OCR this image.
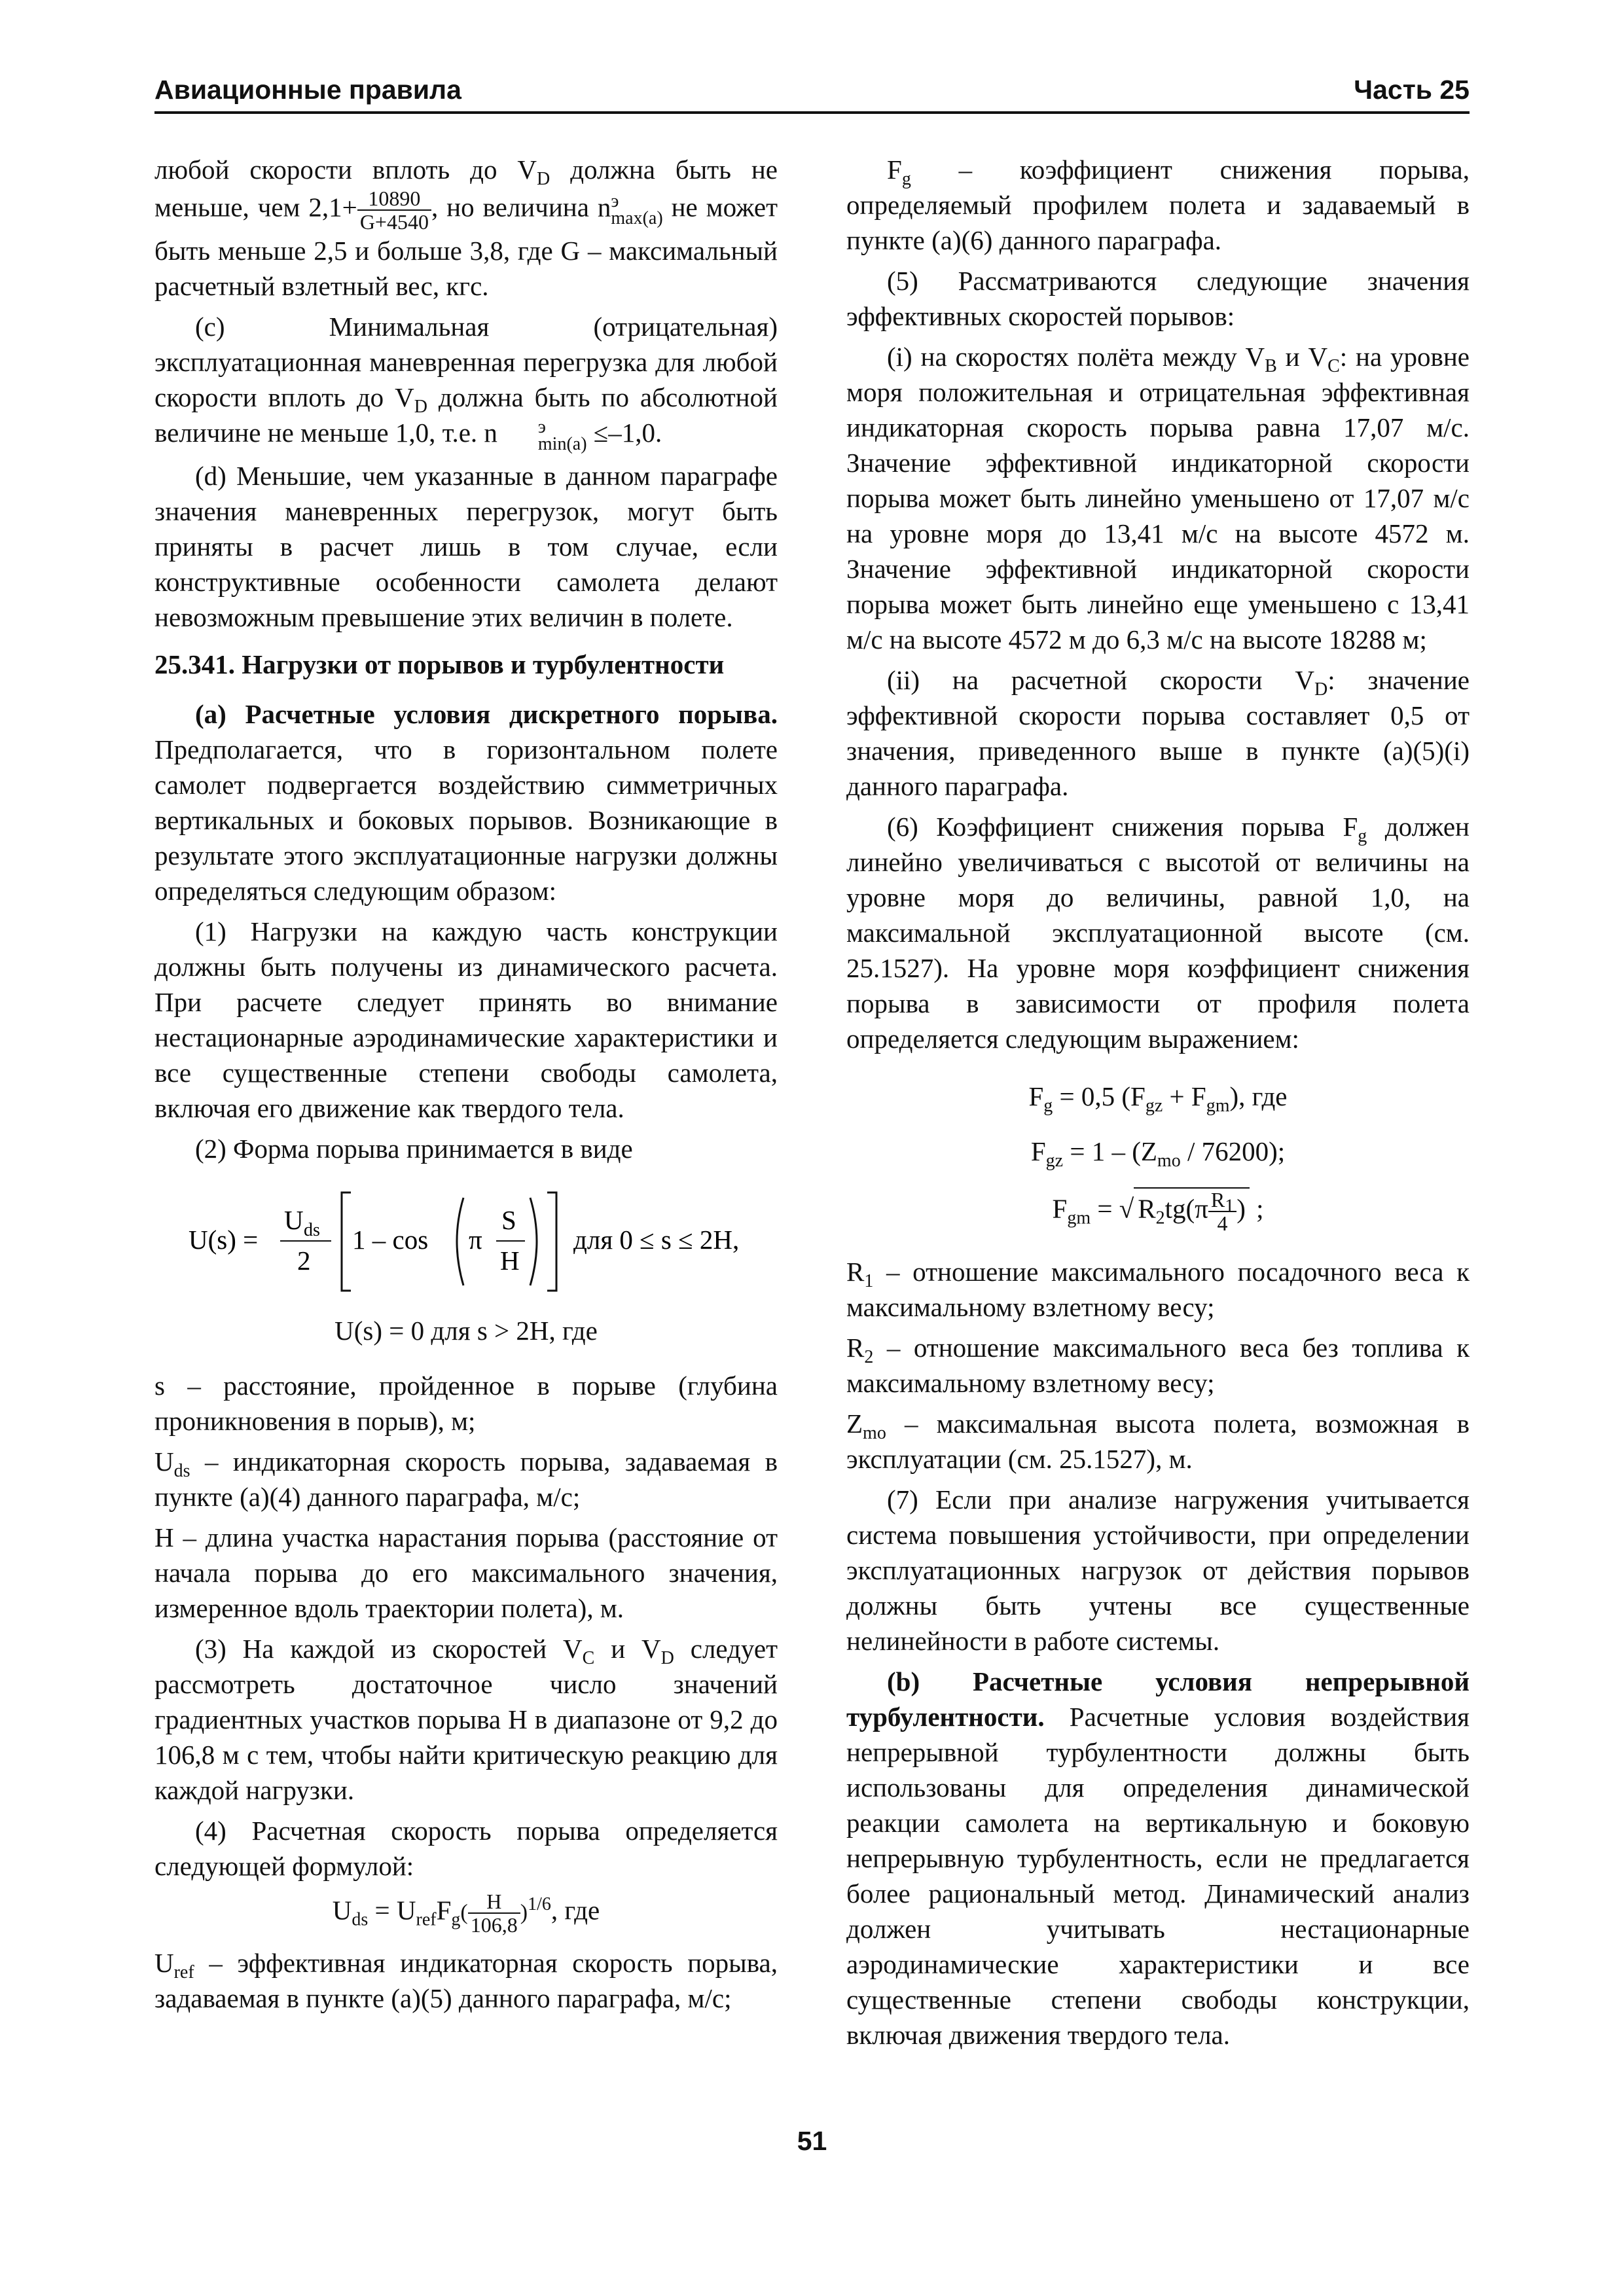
Авиационные правила	Часть 25

любой скорости вплоть до $V_D$ должна быть не меньше, чем $2,1+ \frac{10890}{G+4540}$ , но величина n э
max(a) не может быть меньше 2,5 и больше 3,8, где G – максимальный расчетный взлетный вес, кгс.

(c) Минимальная (отрицательная) эксплуатационная маневренная перегрузка для любой скорости вплоть до $V_D$ должна быть по абсолютной величине не меньше 1,0, т.е. n	э
min(a) ≤–1,0.

(d) Меньшие, чем указанные в данном параграфе значения маневренных перегрузок, могут быть приняты в расчет лишь в том случае, если конструктивные особенности самолета делают невозможным превышение этих величин в полете.

25.341. Нагрузки от порывов и турбулентности

(a) Расчетные условия дискретного порыва. Предполагается, что в горизонтальном полете самолет подвергается воздействию симметричных вертикальных и боковых порывов. Возникающие в результате этого эксплуатационные нагрузки должны определяться следующим образом:

(1) Нагрузки на каждую часть конструкции должны быть получены из динамического расчета. При расчете следует принять во внимание нестационарные аэродинамические характеристики и все существенные степени свободы самолета, включая его движение как твердого тела.

(2) Форма порыва принимается в виде

U(s) =
U ds
2
1 – cos π
S
H
для 0 ≤ s ≤ 2H,

U(s) = 0 для s > 2H, где

s – расстояние, пройденное в порыве (глубина проникновения в порыв), м;

$U_{ds}$ – индикаторная скорость порыва, задаваемая в пункте (a)(4) данного параграфа, м/с;

H – длина участка нарастания порыва (расстояние от начала порыва до его максимального значения, измеренное вдоль траектории полета), м.

(3) На каждой из скоростей $V_C$ и $V_D$ следует рассмотреть достаточное число значений градиентных участков порыва H в диапазоне от 9,2 до 106,8 м с тем, чтобы найти критическую реакцию для каждой нагрузки.

(4) Расчетная скорость порыва определяется следующей формулой:

$U_{ds} = U_{ref}F_g( \frac{H}{106,8} )^{1/6}$, где

$U_{ref}$ – эффективная индикаторная скорость порыва, задаваемая в пункте (a)(5) данного параграфа, м/с;

$F_g$ – коэффициент снижения порыва, определяемый профилем полета и задаваемый в пункте (a)(6) данного параграфа.

(5) Рассматриваются следующие значения эффективных скоростей порывов:

(i) на скоростях полёта между $V_B$ и $V_C$: на уровне моря положительная и отрицательная эффективная индикаторная скорость порыва равна 17,07 м/с. Значение эффективной индикаторной скорости порыва может быть линейно уменьшено от 17,07 м/с на уровне моря до 13,41 м/с на высоте 4572 м. Значение эффективной индикаторной скорости порыва может быть линейно еще уменьшено с 13,41 м/с на высоте 4572 м до 6,3 м/с на высоте 18288 м;

(ii) на расчетной скорости $V_D$: значение эффективной скорости порыва составляет 0,5 от значения, приведенного выше в пункте (a)(5)(i) данного параграфа.

(6) Коэффициент снижения порыва $F_g$ должен линейно увеличиваться с высотой от величины на уровне моря до величины, равной 1,0, на максимальной эксплуатационной высоте (см. 25.1527). На уровне моря коэффициент снижения порыва в зависимости от профиля полета определяется следующим выражением:

$F_g = 0,5$ $(F_{gz} + F_{gm})$, где

$F_{gz} = 1 - (Z_{mo} / 76200)$;

$F_{gm}$ = √ $R_2tg(\pi \frac{R_1}{4}$ ) ;

$R_1$ – отношение максимального посадочного веса к максимальному взлетному весу;

$R_2$ – отношение максимального веса без топлива к максимальному взлетному весу;

$Z_{mo}$ – максимальная высота полета, возможная в эксплуатации (см. 25.1527), м.

(7) Если при анализе нагружения учитывается система повышения устойчивости, при определении эксплуатационных нагрузок от действия порывов должны быть учтены все существенные нелинейности в работе системы.

(b) Расчетные условия непрерывной турбулентности. Расчетные условия воздействия непрерывной турбулентности должны быть использованы для определения динамической реакции самолета на вертикальную и боковую непрерывную турбулентность, если не предлагается более рациональный метод. Динамический анализ должен учитывать нестационарные аэродинамические характеристики и все существенные степени свободы конструкции, включая движения твердого тела.

51
